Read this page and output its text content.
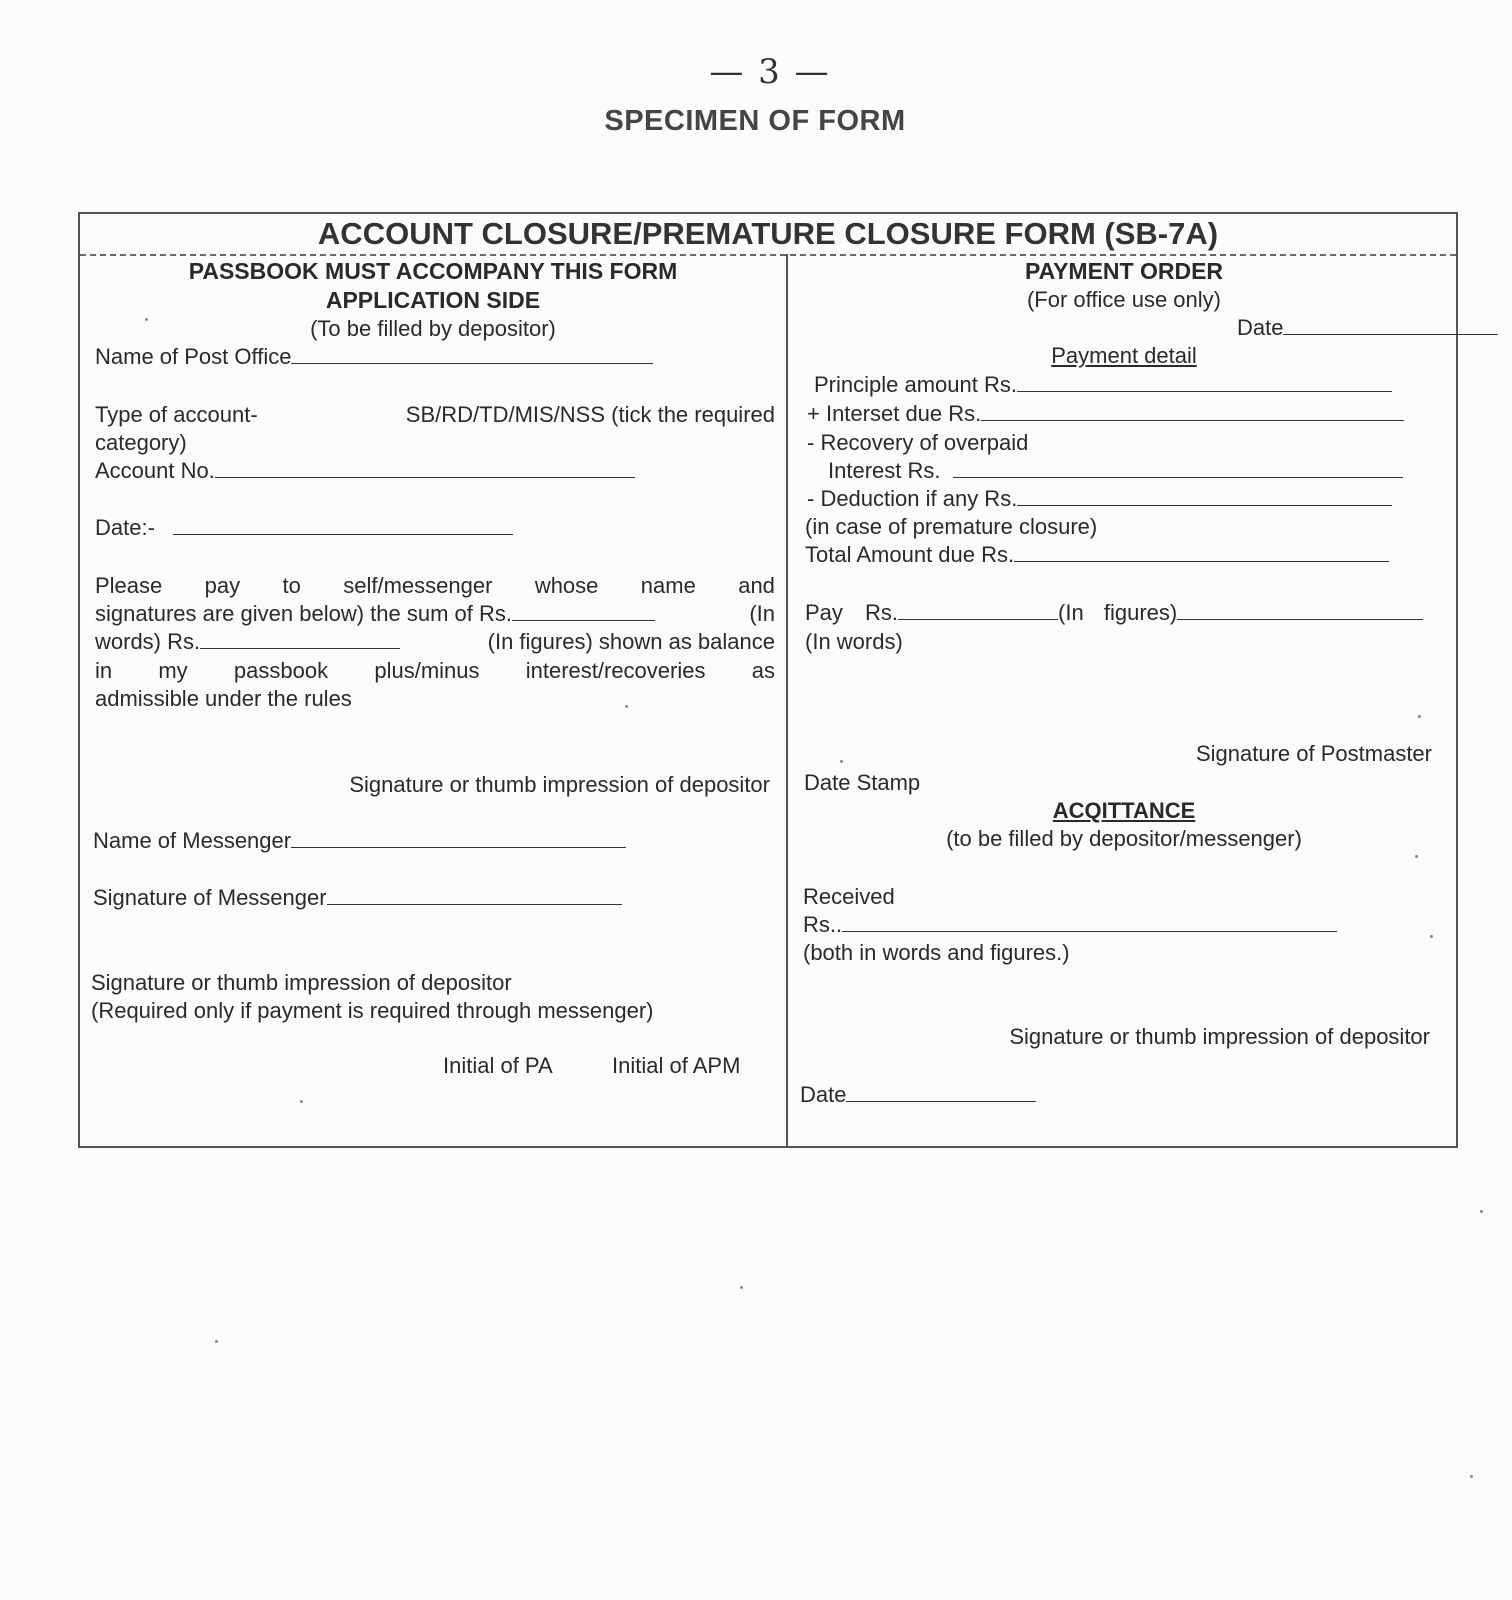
— 3 —
SPECIMEN OF FORM
ACCOUNT CLOSURE/PREMATURE CLOSURE FORM (SB-7A)
PASSBOOK MUST ACCOMPANY THIS FORM
APPLICATION SIDE
(To be filled by depositor)
Name of Post Office
Type of account-	SB/RD/TD/MIS/NSS (tick the required
category)
Account No.
Date:-
Please pay to self/messenger whose name and
signatures are given below) the sum of Rs.	(In
words) Rs.	(In figures) shown as balance
in my passbook plus/minus interest/recoveries as
admissible under the rules
Signature or thumb impression of depositor
Name of Messenger
Signature of Messenger
Signature or thumb impression of depositor
(Required only if payment is required through messenger)
Initial of PA	Initial of APM
PAYMENT ORDER
(For office use only)
Date
Payment detail
Principle amount Rs.
+ Interset due Rs.
- Recovery of overpaid
Interest Rs.
- Deduction if any Rs.
(in case of premature closure)
Total Amount due Rs.
Pay Rs.	(In figures)
(In words)
Signature of Postmaster
Date Stamp
ACQITTANCE
(to be filled by depositor/messenger)
Received
Rs..
(both in words and figures.)
Signature or thumb impression of depositor
Date
